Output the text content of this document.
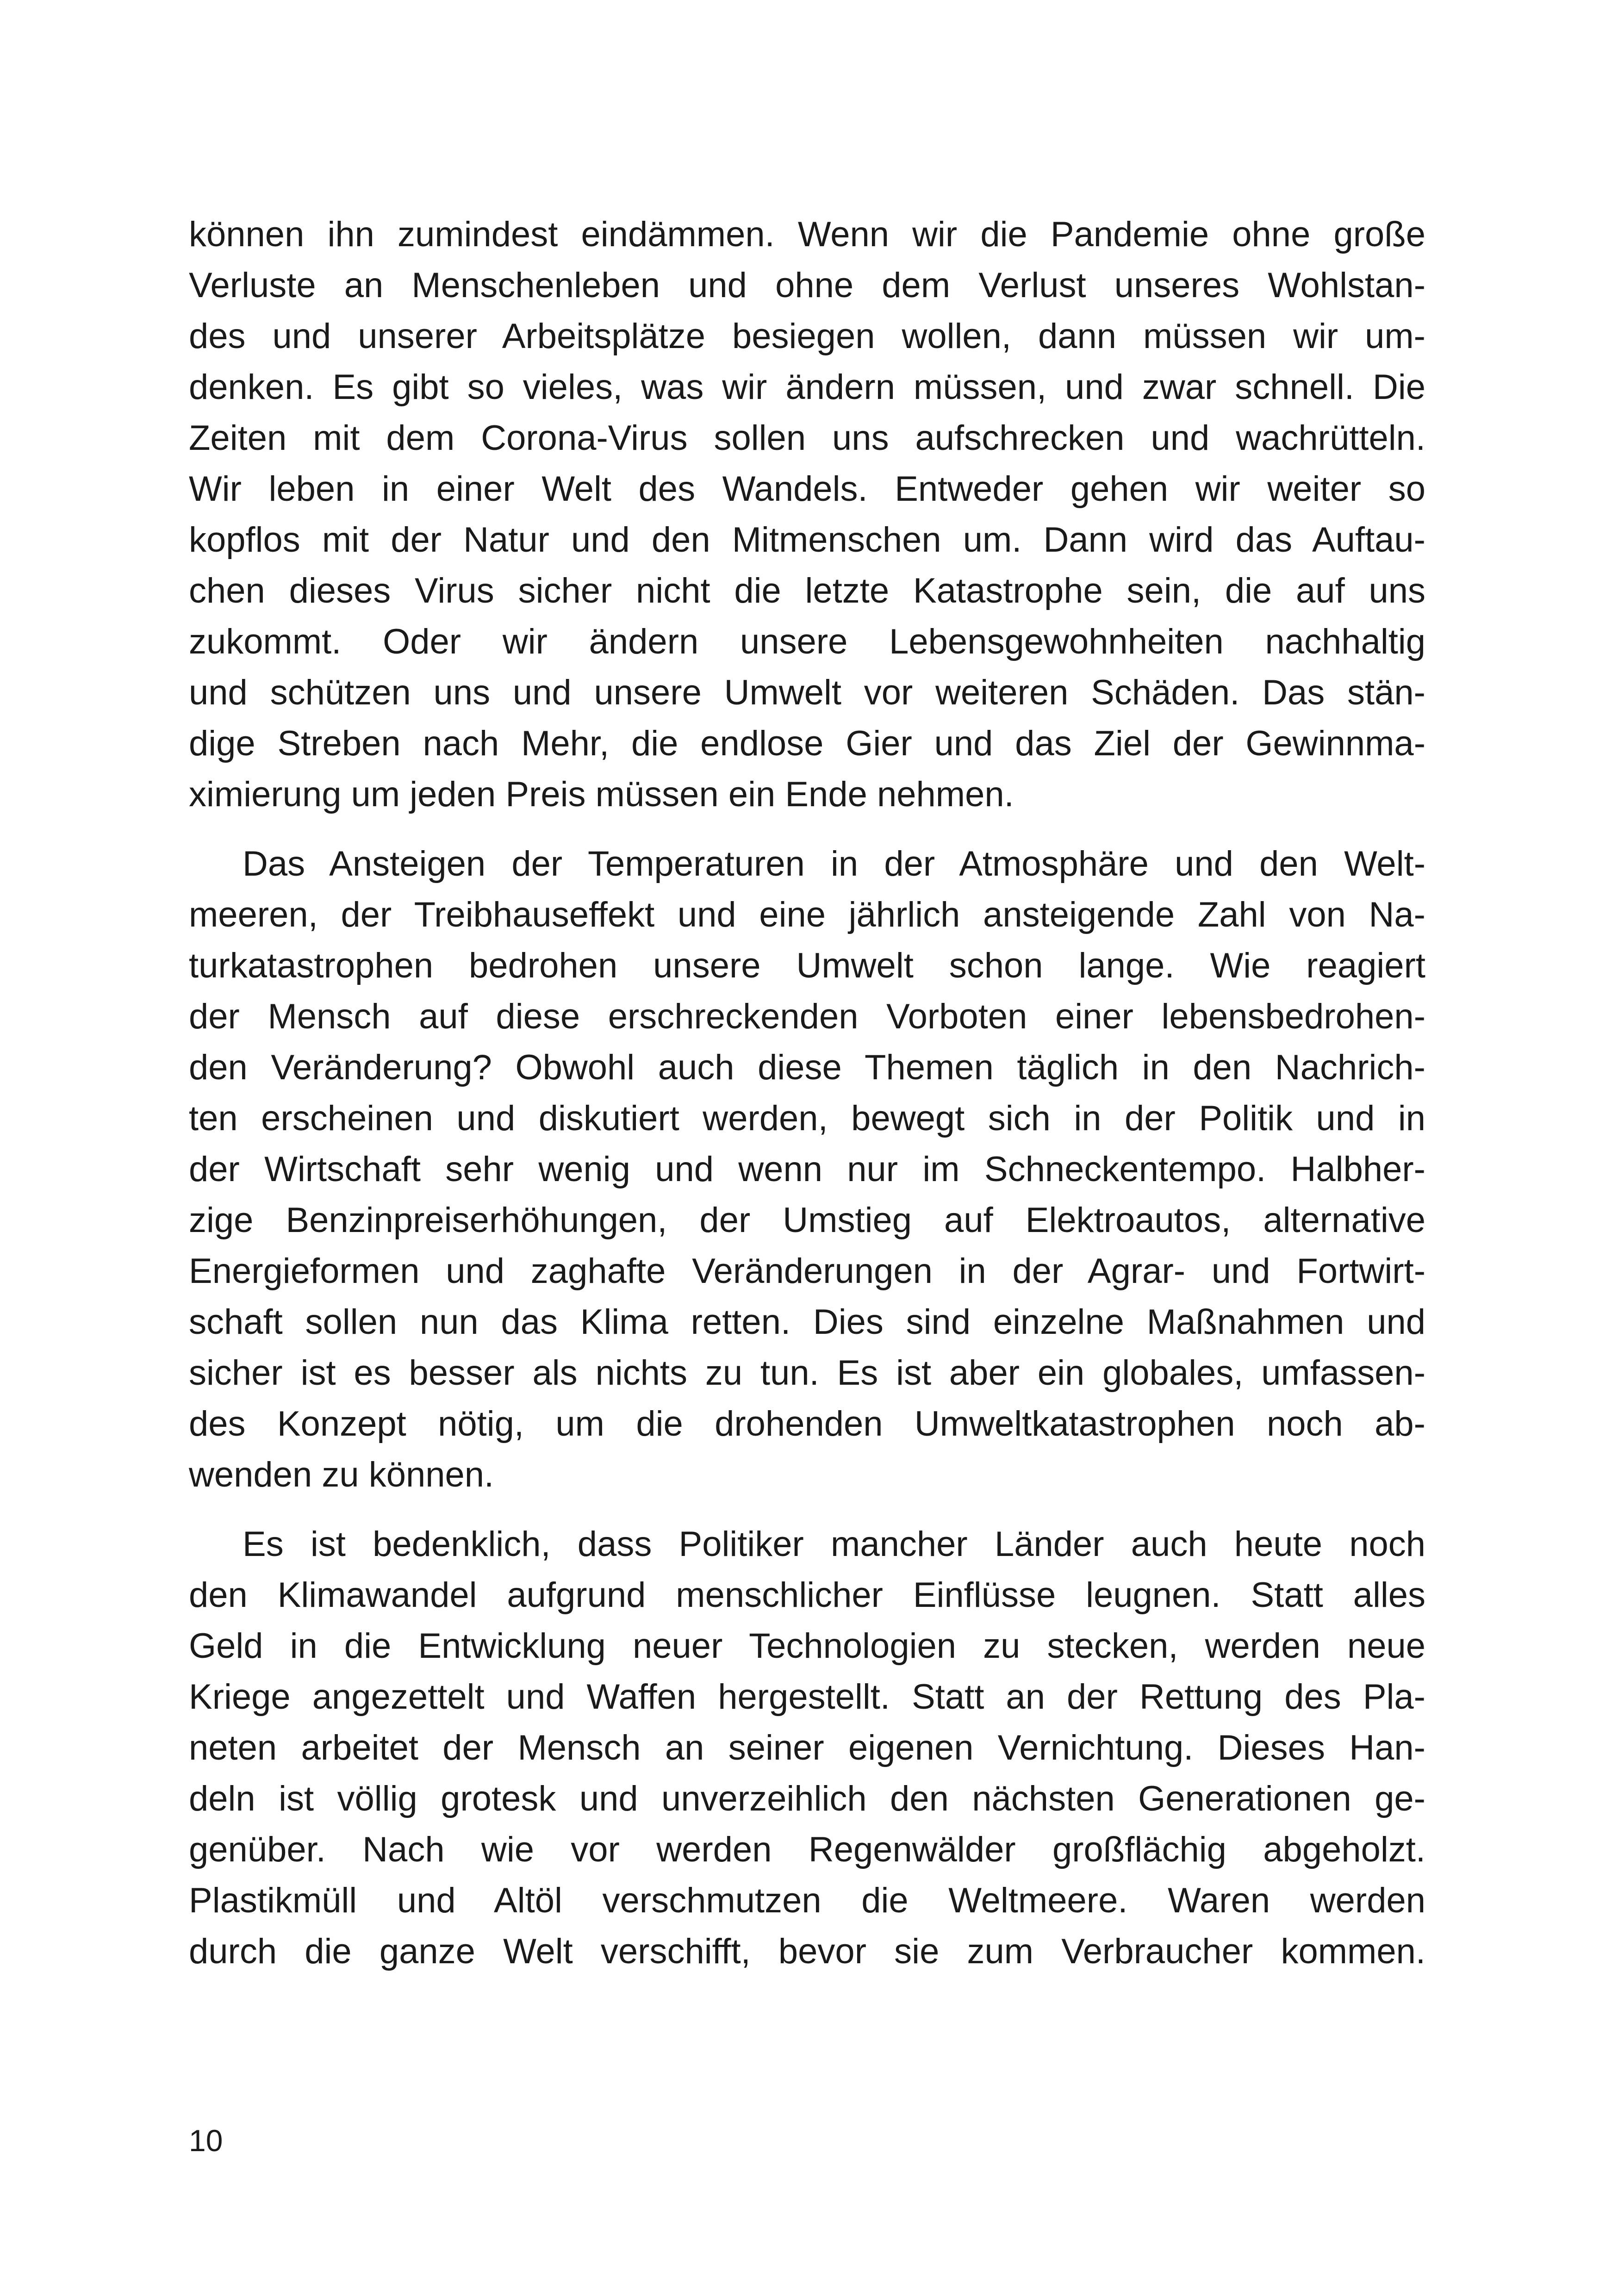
können ihn zumindest eindämmen. Wenn wir die Pandemie ohne große
Verluste an Menschenleben und ohne dem Verlust unseres Wohlstan-
des und unserer Arbeitsplätze besiegen wollen, dann müssen wir um-
denken. Es gibt so vieles, was wir ändern müssen, und zwar schnell. Die
Zeiten mit dem Corona-Virus sollen uns aufschrecken und wachrütteln.
Wir leben in einer Welt des Wandels. Entweder gehen wir weiter so
kopflos mit der Natur und den Mitmenschen um. Dann wird das Auftau-
chen dieses Virus sicher nicht die letzte Katastrophe sein, die auf uns
zukommt. Oder wir ändern unsere Lebensgewohnheiten nachhaltig
und schützen uns und unsere Umwelt vor weiteren Schäden. Das stän-
dige Streben nach Mehr, die endlose Gier und das Ziel der Gewinnma-
ximierung um jeden Preis müssen ein Ende nehmen.
Das Ansteigen der Temperaturen in der Atmosphäre und den Welt-
meeren, der Treibhauseffekt und eine jährlich ansteigende Zahl von Na-
turkatastrophen bedrohen unsere Umwelt schon lange. Wie reagiert
der Mensch auf diese erschreckenden Vorboten einer lebensbedrohen-
den Veränderung? Obwohl auch diese Themen täglich in den Nachrich-
ten erscheinen und diskutiert werden, bewegt sich in der Politik und in
der Wirtschaft sehr wenig und wenn nur im Schneckentempo. Halbher-
zige Benzinpreiserhöhungen, der Umstieg auf Elektroautos, alternative
Energieformen und zaghafte Veränderungen in der Agrar- und Fortwirt-
schaft sollen nun das Klima retten. Dies sind einzelne Maßnahmen und
sicher ist es besser als nichts zu tun. Es ist aber ein globales, umfassen-
des Konzept nötig, um die drohenden Umweltkatastrophen noch ab-
wenden zu können.
Es ist bedenklich, dass Politiker mancher Länder auch heute noch
den Klimawandel aufgrund menschlicher Einflüsse leugnen. Statt alles
Geld in die Entwicklung neuer Technologien zu stecken, werden neue
Kriege angezettelt und Waffen hergestellt. Statt an der Rettung des Pla-
neten arbeitet der Mensch an seiner eigenen Vernichtung. Dieses Han-
deln ist völlig grotesk und unverzeihlich den nächsten Generationen ge-
genüber. Nach wie vor werden Regenwälder großflächig abgeholzt.
Plastikmüll und Altöl verschmutzen die Weltmeere. Waren werden
durch die ganze Welt verschifft, bevor sie zum Verbraucher kommen.
10
